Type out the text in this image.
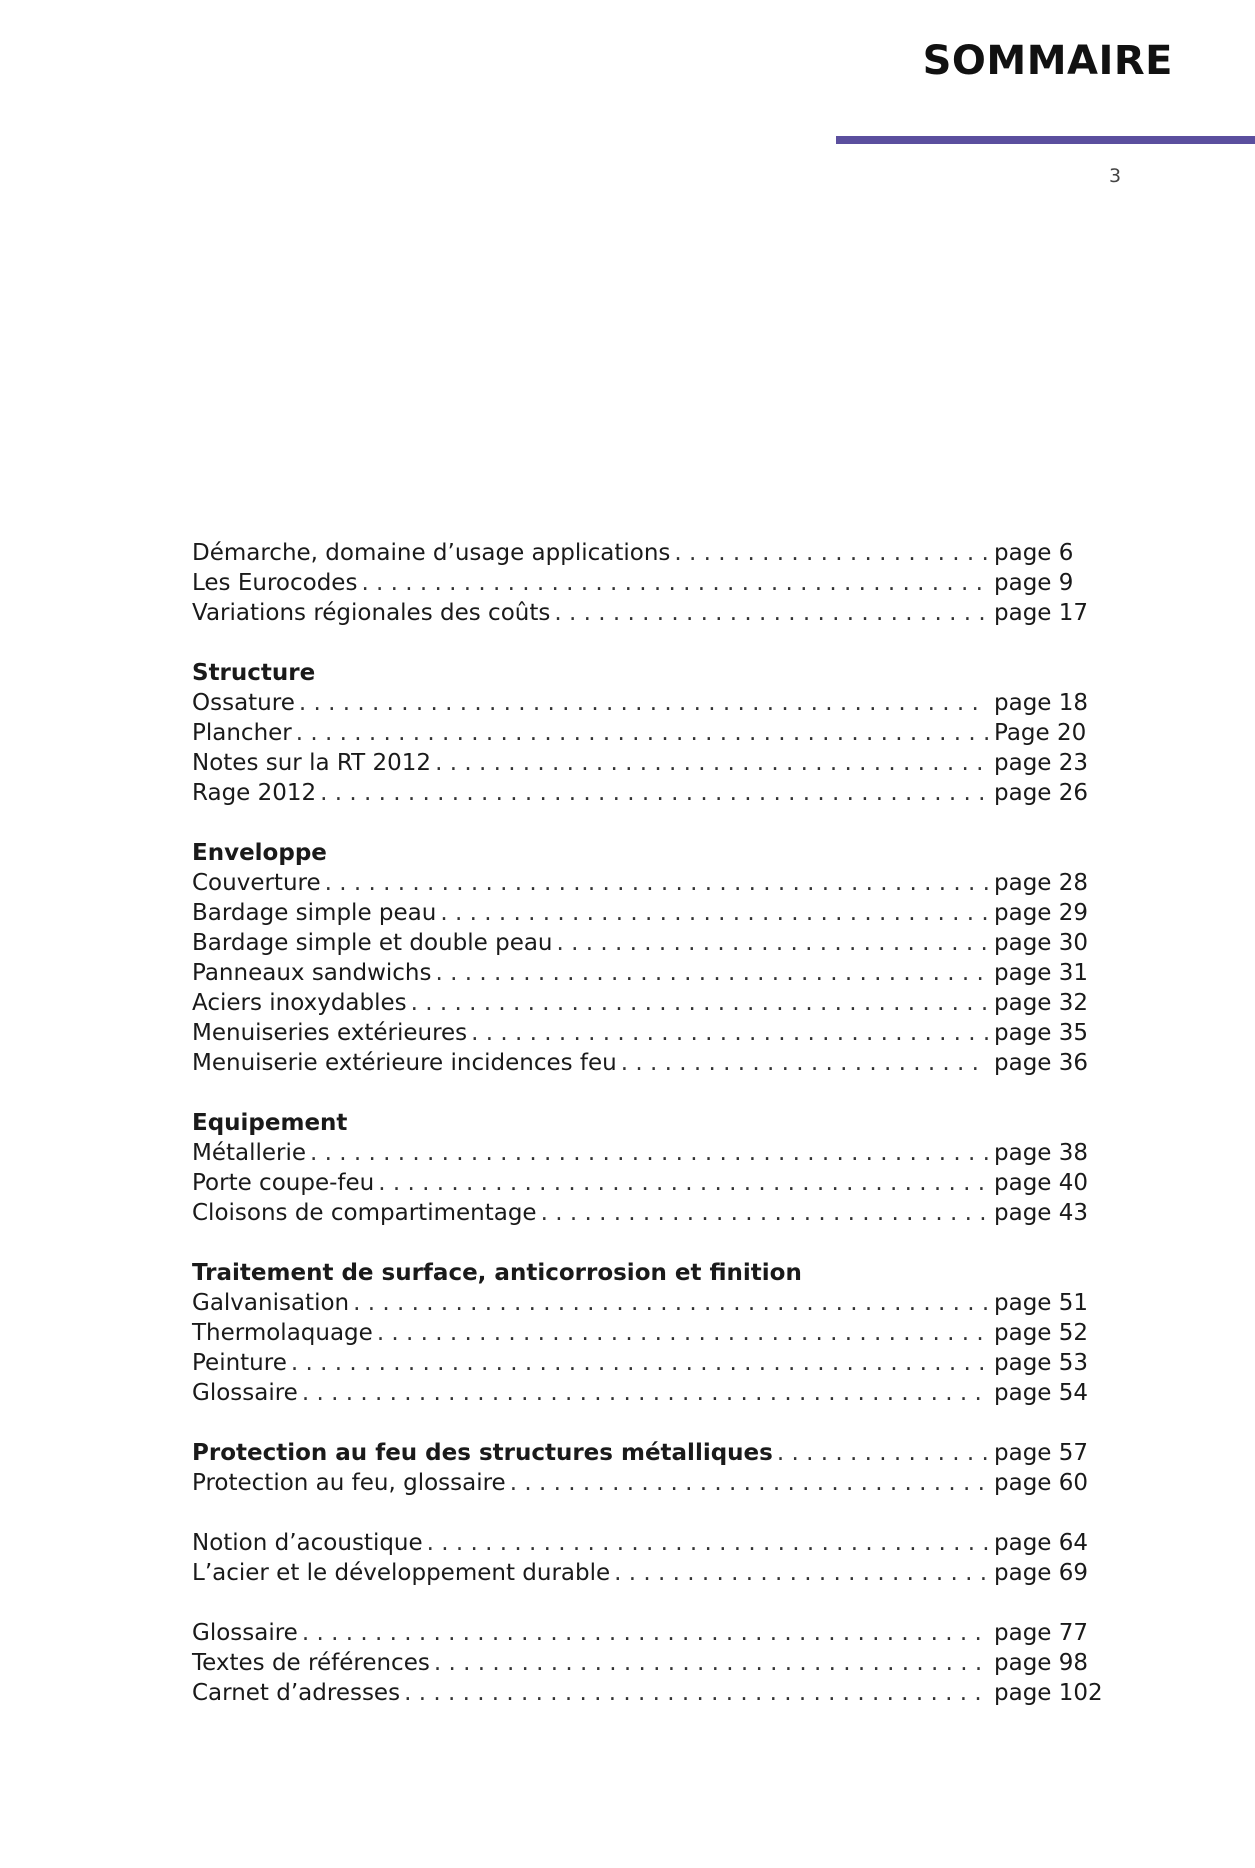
SOMMAIRE
3
Démarche, domaine d’usage applications . . .	page 6
Les Eurocodes . . .	page 9
Variations régionales des coûts . . .	page 17
Structure
Ossature . . .	page 18
Plancher . . .	Page 20
Notes sur la RT 2012 . . .	page 23
Rage 2012 . . .	page 26
Enveloppe
Couverture . . .	page 28
Bardage simple peau . . .	page 29
Bardage simple et double peau . . .	page 30
Panneaux sandwichs . . .	page 31
Aciers inoxydables . . .	page 32
Menuiseries extérieures . . .	page 35
Menuiserie extérieure incidences feu . . .	page 36
Equipement
Métallerie . . .	page 38
Porte coupe-feu . . .	page 40
Cloisons de compartimentage . . .	page 43
Traitement de surface, anticorrosion et finition
Galvanisation . . .	page 51
Thermolaquage . . .	page 52
Peinture . . .	page 53
Glossaire . . .	page 54
Protection au feu des structures métalliques . . .	page 57
Protection au feu, glossaire . . .	page 60
Notion d’acoustique . . .	page 64
L’acier et le développement durable . . .	page 69
Glossaire . . .	page 77
Textes de références . . .	page 98
Carnet d’adresses . . .	page 102
